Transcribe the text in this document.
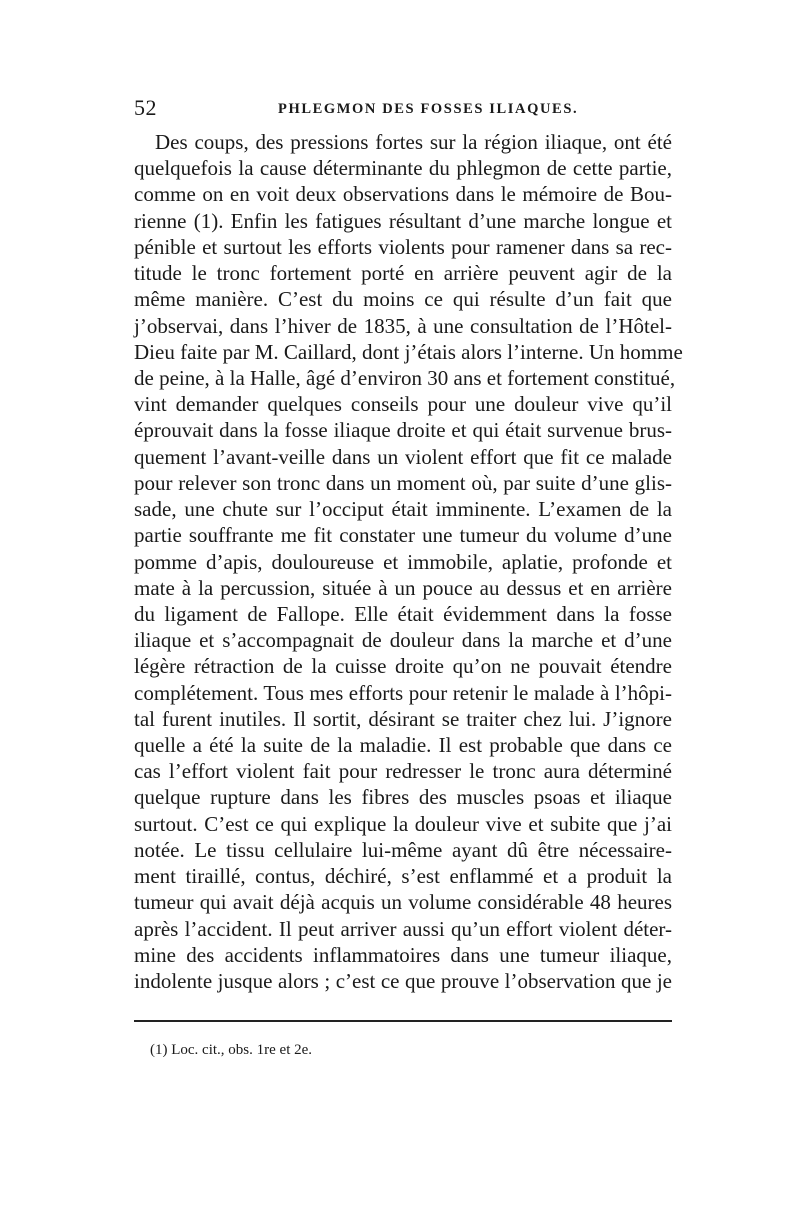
52	PHLEGMON DES FOSSES ILIAQUES.
Des coups, des pressions fortes sur la région iliaque, ont été
quelquefois la cause déterminante du phlegmon de cette partie,
comme on en voit deux observations dans le mémoire de Bou-
rienne (1). Enfin les fatigues résultant d’une marche longue et
pénible et surtout les efforts violents pour ramener dans sa rec-
titude le tronc fortement porté en arrière peuvent agir de la
même manière. C’est du moins ce qui résulte d’un fait que
j’observai, dans l’hiver de 1835, à une consultation de l’Hôtel-
Dieu faite par M. Caillard, dont j’étais alors l’interne. Un homme
de peine, à la Halle, âgé d’environ 30 ans et fortement constitué,
vint demander quelques conseils pour une douleur vive qu’il
éprouvait dans la fosse iliaque droite et qui était survenue brus-
quement l’avant-veille dans un violent effort que fit ce malade
pour relever son tronc dans un moment où, par suite d’une glis-
sade, une chute sur l’occiput était imminente. L’examen de la
partie souffrante me fit constater une tumeur du volume d’une
pomme d’apis, douloureuse et immobile, aplatie, profonde et
mate à la percussion, située à un pouce au dessus et en arrière
du ligament de Fallope. Elle était évidemment dans la fosse
iliaque et s’accompagnait de douleur dans la marche et d’une
légère rétraction de la cuisse droite qu’on ne pouvait étendre
complétement. Tous mes efforts pour retenir le malade à l’hôpi-
tal furent inutiles. Il sortit, désirant se traiter chez lui. J’ignore
quelle a été la suite de la maladie. Il est probable que dans ce
cas l’effort violent fait pour redresser le tronc aura déterminé
quelque rupture dans les fibres des muscles psoas et iliaque
surtout. C’est ce qui explique la douleur vive et subite que j’ai
notée. Le tissu cellulaire lui-même ayant dû être nécessaire-
ment tiraillé, contus, déchiré, s’est enflammé et a produit la
tumeur qui avait déjà acquis un volume considérable 48 heures
après l’accident. Il peut arriver aussi qu’un effort violent déter-
mine des accidents inflammatoires dans une tumeur iliaque,
indolente jusque alors ; c’est ce que prouve l’observation que je
(1) Loc. cit., obs. 1re et 2e.
